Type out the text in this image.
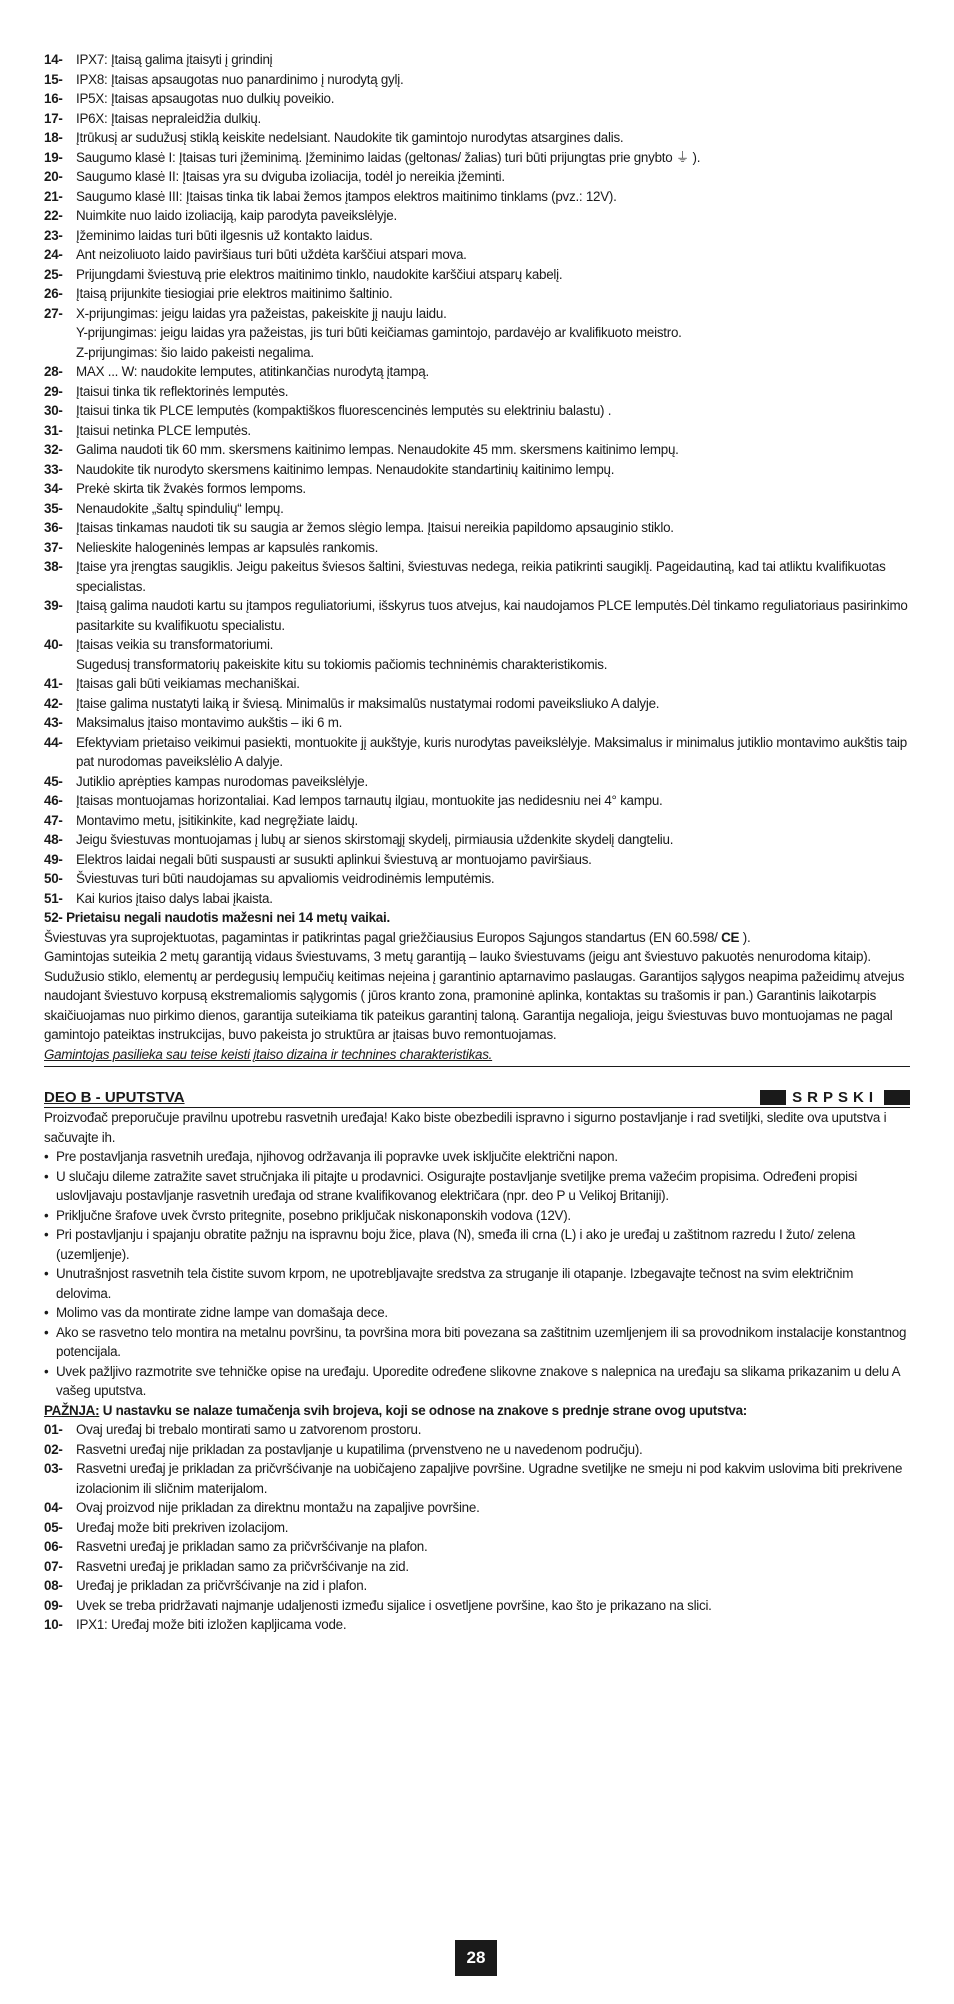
14- IPX7: Įtaisą galima įtaisyti į grindinį
15- IPX8: Įtaisas apsaugotas nuo panardinimo į nurodytą gylį.
16- IP5X: Įtaisas apsaugotas nuo dulkių poveikio.
17- IP6X: Įtaisas nepraleidžia dulkių.
18- Įtrūkusį ar sudužusį stiklą keiskite nedelsiant. Naudokite tik gamintojo nurodytas atsargines dalis.
19- Saugumo klasė I: Įtaisas turi įžeminimą. Įžeminimo laidas (geltonas/ žalias) turi būti prijungtas prie gnybto ⏚ ).
20- Saugumo klasė II: Įtaisas yra su dviguba izoliacija, todėl jo nereikia įžeminti.
21- Saugumo klasė III: Įtaisas tinka tik labai žemos įtampos elektros maitinimo tinklams (pvz.: 12V).
22- Nuimkite nuo laido izoliaciją, kaip parodyta paveikslėlyje.
23- Įžeminimo laidas turi būti ilgesnis už kontakto laidus.
24- Ant neizoliuoto laido paviršiaus turi būti uždėta karščiui atspari mova.
25- Prijungdami šviestuvą prie elektros maitinimo tinklo, naudokite karščiui atsparų kabelį.
26- Įtaisą prijunkite tiesiogiai prie elektros maitinimo šaltinio.
27- X-prijungimas: jeigu laidas yra pažeistas, pakeiskite jį nauju laidu.
Y-prijungimas: jeigu laidas yra pažeistas, jis turi būti keičiamas gamintojo, pardavėjo ar kvalifikuoto meistro.
Z-prijungimas: šio laido pakeisti negalima.
28- MAX ... W: naudokite lemputes, atitinkančias nurodytą įtampą.
29- Įtaisui tinka tik reflektorinės lemputės.
30- Įtaisui tinka tik PLCE lemputės (kompaktiškos fluorescencinės lemputės su elektriniu balastu) .
31- Įtaisui netinka PLCE lemputės.
32- Galima naudoti tik 60 mm. skersmens kaitinimo lempas. Nenaudokite 45 mm. skersmens kaitinimo lempų.
33- Naudokite tik nurodyto skersmens kaitinimo lempas. Nenaudokite standartinių kaitinimo lempų.
34- Prekė skirta tik žvakės formos lempoms.
35- Nenaudokite „šaltų spindulių“ lempų.
36- Įtaisas tinkamas naudoti tik su saugia ar žemos slėgio lempa. Įtaisui nereikia papildomo apsauginio stiklo.
37- Nelieskite halogeninės lempas ar kapsulės rankomis.
38- Įtaise yra įrengtas saugiklis. Jeigu pakeitus šviesos šaltini, šviestuvas nedega, reikia patikrinti saugiklį. Pageidautiną, kad tai atliktu kvalifikuotas specialistas.
39- Įtaisą galima naudoti kartu su įtampos reguliatoriumi, išskyrus tuos atvejus, kai naudojamos PLCE lemputės.Dėl tinkamo reguliatoriaus pasirinkimo pasitarkite su kvalifikuotu specialistu.
40- Įtaisas veikia su transformatoriumi.
Sugedusį transformatorių pakeiskite kitu su tokiomis pačiomis techninėmis charakteristikomis.
41- Įtaisas gali būti veikiamas mechaniškai.
42- Įtaise galima nustatyti laiką ir šviesą. Minimalūs ir maksimalūs nustatymai rodomi paveiksliuko A dalyje.
43- Maksimalus įtaiso montavimo aukštis – iki 6 m.
44- Efektyviam prietaiso veikimui pasiekti, montuokite jį aukštyje, kuris nurodytas paveikslėlyje. Maksimalus ir minimalus jutiklio montavimo aukštis taip pat nurodomas paveikslėlio A dalyje.
45- Jutiklio aprėpties kampas nurodomas paveikslėlyje.
46- Įtaisas montuojamas horizontaliai. Kad lempos tarnautų ilgiau, montuokite jas nedidesniu nei 4° kampu.
47- Montavimo metu, įsitikinkite, kad negręžiate laidų.
48- Jeigu šviestuvas montuojamas į lubų ar sienos skirstomąjį skydelį, pirmiausia uždenkite skydelį dangteliu.
49- Elektros laidai negali būti suspausti ar susukti aplinkui šviestuvą ar montuojamo paviršiaus.
50- Šviestuvas turi būti naudojamas su apvaliomis veidrodinėmis lemputėmis.
51- Kai kurios įtaiso dalys labai įkaista.
52- Prietaisu negali naudotis mažesni nei 14 metų vaikai.
Šviestuvas yra suprojektuotas, pagamintas ir patikrintas pagal griežčiausius Europos Sąjungos standartus (EN 60.598/ CE ).
Gamintojas suteikia 2 metų garantiją vidaus šviestuvams, 3 metų garantiją – lauko šviestuvams (jeigu ant šviestuvo pakuotės nenurodoma kitaip). Sudužusio stiklo, elementų ar perdegusių lempučių keitimas neįeina į garantinio aptarnavimo paslaugas. Garantijos sąlygos neapima pažeidimų atvejus naudojant šviestuvo korpusą ekstremaliomis sąlygomis ( jūros kranto zona, pramoninė aplinka, kontaktas su trašomis ir pan.) Garantinis laikotarpis skaičiuojamas nuo pirkimo dienos, garantija suteikiama tik pateikus garantinį taloną. Garantija negalioja, jeigu šviestuvas buvo montuojamas ne pagal gamintojo pateiktas instrukcijas, buvo pakeista jo struktūra ar įtaisas buvo remontuojamas.
Gamintojas pasilieka sau teise keisti įtaiso dizaina ir technines charakteristikas.
DEO B - UPUTSTVA	SRPSKI
Proizvođač preporučuje pravilnu upotrebu rasvetnih uređaja! Kako biste obezbedili ispravno i sigurno postavljanje i rad svetiljki, sledite ova uputstva i sačuvajte ih.
• Pre postavljanja rasvetnih uređaja, njihovog održavanja ili popravke uvek isključite električni napon.
• U slučaju dileme zatražite savet stručnjaka ili pitajte u prodavnici. Osigurajte postavljanje svetiljke prema važećim propisima. Određeni propisi uslovljavaju postavljanje rasvetnih uređaja od strane kvalifikovanog električara (npr. deo P u Velikoj Britaniji).
• Priključne šrafove uvek čvrsto pritegnite, posebno priključak niskonaponskih vodova (12V).
• Pri postavljanju i spajanju obratite pažnju na ispravnu boju žice, plava (N), smeđa ili crna (L) i ako je uređaj u zaštitnom razredu I žuto/ zelena (uzemljenje).
• Unutrašnjost rasvetnih tela čistite suvom krpom, ne upotrebljavajte sredstva za struganje ili otapanje. Izbegavajte tečnost na svim električnim delovima.
• Molimo vas da montirate zidne lampe van domašaja dece.
• Ako se rasvetno telo montira na metalnu površinu, ta površina mora biti povezana sa zaštitnim uzemljenjem ili sa provodnikom instalacije konstantnog potencijala.
• Uvek pažljivo razmotrite sve tehničke opise na uređaju. Uporedite određene slikovne znakove s nalepnica na uređaju sa slikama prikazanim u delu A vašeg uputstva.
PAŽNJA: U nastavku se nalaze tumačenja svih brojeva, koji se odnose na znakove s prednje strane ovog uputstva:
01- Ovaj uređaj bi trebalo montirati samo u zatvorenom prostoru.
02- Rasvetni uređaj nije prikladan za postavljanje u kupatilima (prvenstveno ne u navedenom području).
03- Rasvetni uređaj je prikladan za pričvršćivanje na uobičajeno zapaljive površine. Ugradne svetiljke ne smeju ni pod kakvim uslovima biti prekrivene izolacionim ili sličnim materijalom.
04- Ovaj proizvod nije prikladan za direktnu montažu na zapaljive površine.
05- Uređaj može biti prekriven izolacijom.
06- Rasvetni uređaj je prikladan samo za pričvršćivanje na plafon.
07- Rasvetni uređaj je prikladan samo za pričvršćivanje na zid.
08- Uređaj je prikladan za pričvršćivanje na zid i plafon.
09- Uvek se treba pridržavati najmanje udaljenosti između sijalice i osvetljene površine, kao što je prikazano na slici.
10- IPX1: Uređaj može biti izložen kapljicama vode.
28
